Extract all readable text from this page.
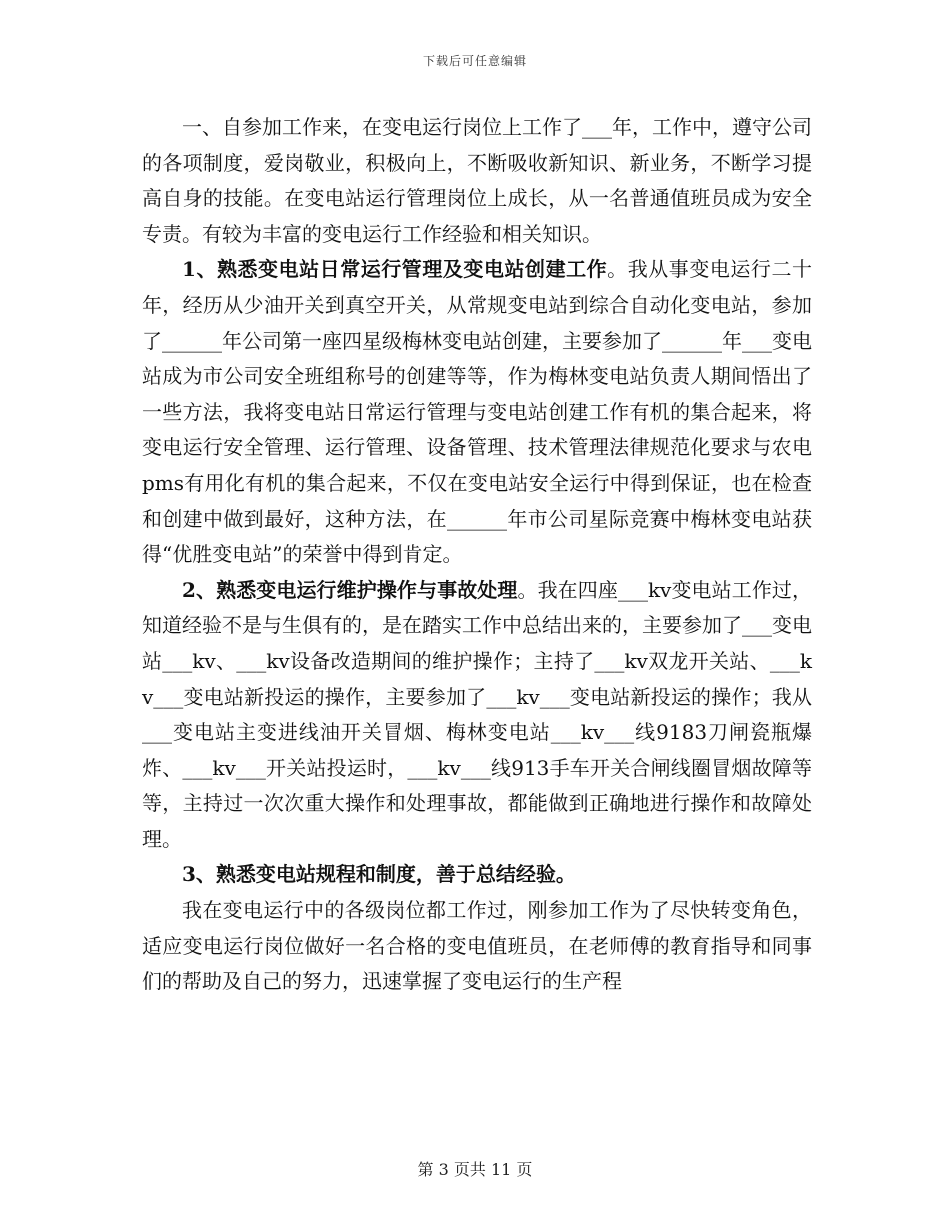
下载后可任意编辑

一、自参加工作来，在变电运行岗位上工作了___年，工作中，遵守公司的各项制度，爱岗敬业，积极向上，不断吸收新知识、新业务，不断学习提高自身的技能。在变电站运行管理岗位上成长，从一名普通值班员成为安全专责。有较为丰富的变电运行工作经验和相关知识。

1、熟悉变电站日常运行管理及变电站创建工作。我从事变电运行二十年，经历从少油开关到真空开关，从常规变电站到综合自动化变电站，参加了______年公司第一座四星级梅林变电站创建，主要参加了______年___变电站成为市公司安全班组称号的创建等等，作为梅林变电站负责人期间悟出了一些方法，我将变电站日常运行管理与变电站创建工作有机的集合起来，将变电运行安全管理、运行管理、设备管理、技术管理法律规范化要求与农电pms有用化有机的集合起来，不仅在变电站安全运行中得到保证，也在检查和创建中做到最好，这种方法，在______年市公司星际竞赛中梅林变电站获得“优胜变电站”的荣誉中得到肯定。

2、熟悉变电运行维护操作与事故处理。我在四座___kv变电站工作过，知道经验不是与生俱有的，是在踏实工作中总结出来的，主要参加了___变电站___kv、___kv设备改造期间的维护操作；主持了___kv双龙开关站、___kv___变电站新投运的操作，主要参加了___kv___变电站新投运的操作；我从___变电站主变进线油开关冒烟、梅林变电站___kv___线9183刀闸瓷瓶爆炸、___kv___开关站投运时，___kv___线913手车开关合闸线圈冒烟故障等等，主持过一次次重大操作和处理事故，都能做到正确地进行操作和故障处理。

3、熟悉变电站规程和制度，善于总结经验。

我在变电运行中的各级岗位都工作过，刚参加工作为了尽快转变角色，适应变电运行岗位做好一名合格的变电值班员，在老师傅的教育指导和同事们的帮助及自己的努力，迅速掌握了变电运行的生产程

第 3 页共 11 页
